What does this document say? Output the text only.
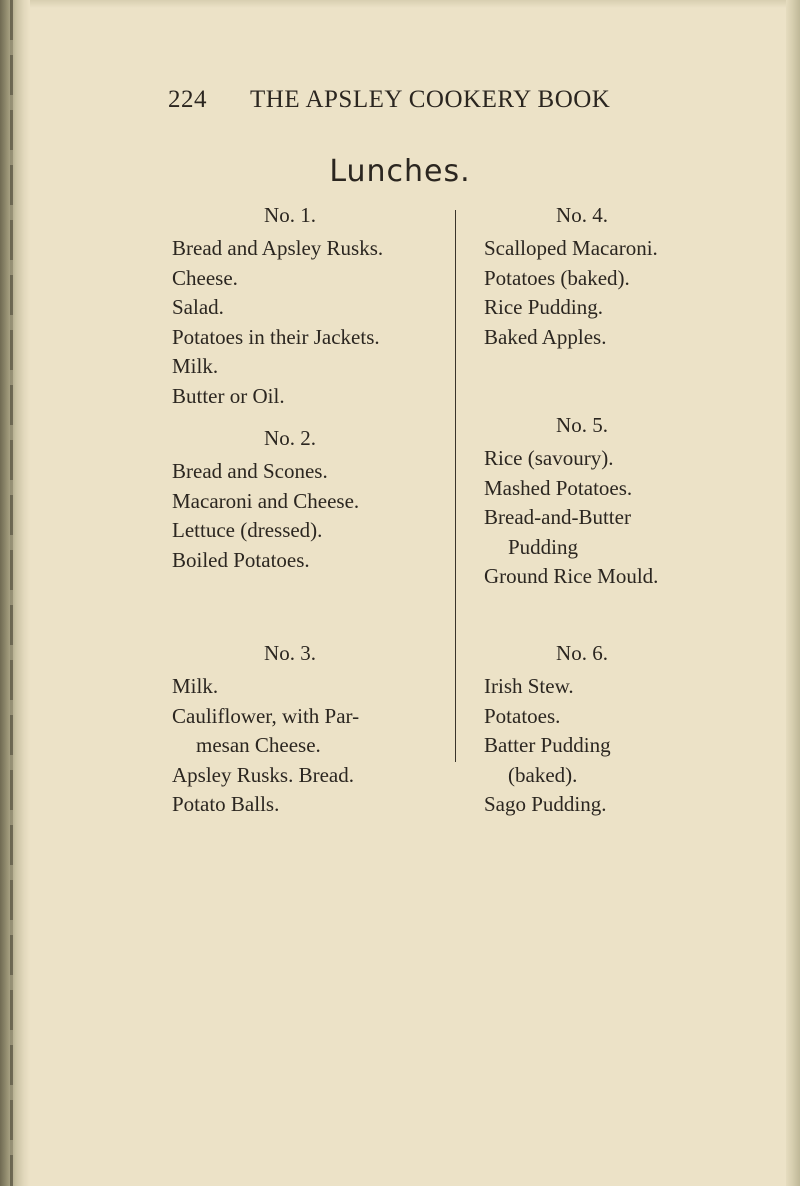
224 THE APSLEY COOKERY BOOK
Lunches.
No. 1.
Bread and Apsley Rusks.
Cheese.
Salad.
Potatoes in their Jackets.
Milk.
Butter or Oil.
No. 2.
Bread and Scones.
Macaroni and Cheese.
Lettuce (dressed).
Boiled Potatoes.
No. 3.
Milk.
Cauliflower, with Par-
mesan Cheese.
Apsley Rusks. Bread.
Potato Balls.
No. 4.
Scalloped Macaroni.
Potatoes (baked).
Rice Pudding.
Baked Apples.
No. 5.
Rice (savoury).
Mashed Potatoes.
Bread-and-Butter
Pudding
Ground Rice Mould.
No. 6.
Irish Stew.
Potatoes.
Batter Pudding
(baked).
Sago Pudding.
